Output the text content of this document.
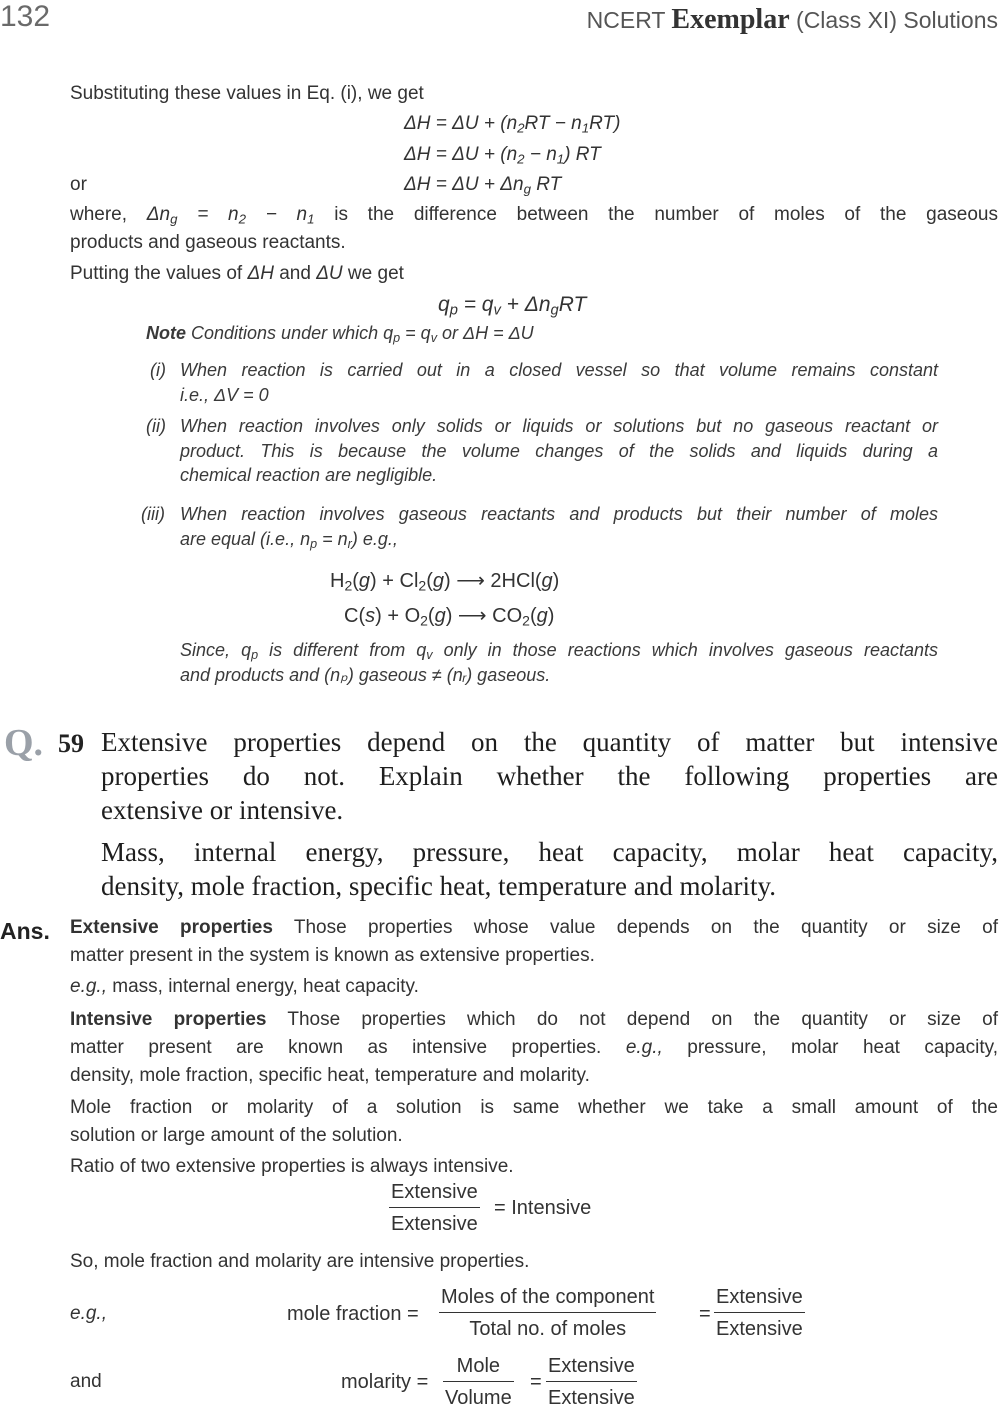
132	NCERT Exemplar (Class XI) Solutions
Substituting these values in Eq. (i), we get
$\Delta H = \Delta U + (n_2RT - n_1RT)$
$\Delta H = \Delta U + (n_2 - n_1)$ RT
or	$\Delta H = \Delta U + \Delta n_g$ RT
where, $\Delta n_g = n_2 - n_1$ is the difference between the number of moles of the gaseous
products and gaseous reactants.
Putting the values of ΔH and ΔU we get
$q_p = q_v + \Delta n_gRT$
Note Conditions under which $q_p = q_v$ or ΔH = ΔU
(i) When reaction is carried out in a closed vessel so that volume remains constant
i.e., ΔV = 0
(ii) When reaction involves only solids or liquids or solutions but no gaseous reactant or
product. This is because the volume changes of the solids and liquids during a
chemical reaction are negligible.
(iii) When reaction involves gaseous reactants and products but their number of moles
are equal (i.e., $n_p = n_r$) e.g.,
$H_2(g) + Cl_2(g)$ ⟶ 2HCl(g)
$C(s) + O_2(g)$ ⟶ $CO_2(g)$
Since, $q_p$ is different from $q_v$ only in those reactions which involves gaseous reactants
and products and (nₚ) gaseous ≠ (nᵣ) gaseous.
Q. 59 Extensive properties depend on the quantity of matter but intensive
properties do not. Explain whether the following properties are
extensive or intensive.
Mass, internal energy, pressure, heat capacity, molar heat capacity,
density, mole fraction, specific heat, temperature and molarity.
Ans. Extensive properties Those properties whose value depends on the quantity or size of
matter present in the system is known as extensive properties.
e.g., mass, internal energy, heat capacity.
Intensive properties Those properties which do not depend on the quantity or size of
matter present are known as intensive properties. e.g., pressure, molar heat capacity,
density, mole fraction, specific heat, temperature and molarity.
Mole fraction or molarity of a solution is same whether we take a small amount of the
solution or large amount of the solution.
Ratio of two extensive properties is always intensive.
Extensive
Extensive
= Intensive
So, mole fraction and molarity are intensive properties.
e.g.,	mole fraction =
Moles of the component
Total no. of moles
=
Extensive
Extensive
and	molarity =
Mole
Volume
=
Extensive
Extensive
